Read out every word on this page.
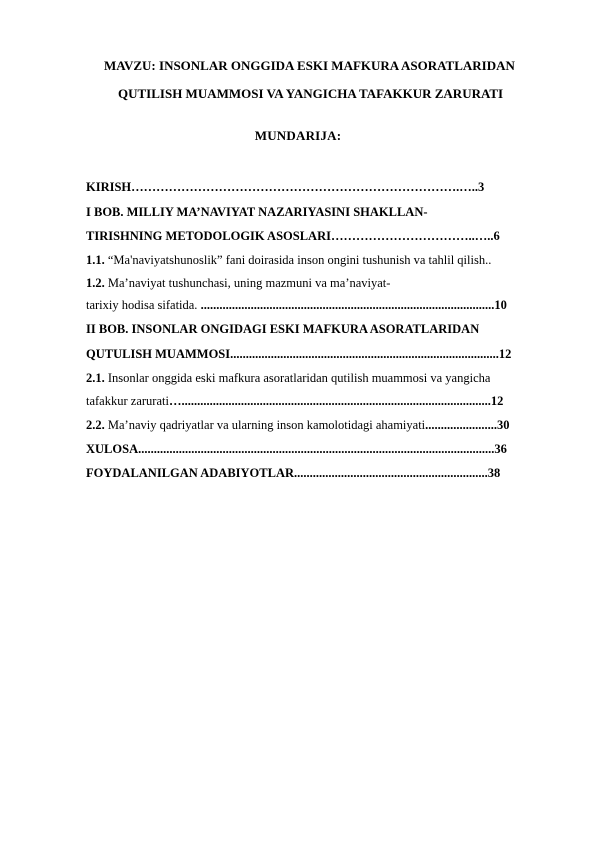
MAVZU: INSONLAR ONGGIDA ESKI MAFKURA ASORATLARIDAN
QUTILISH MUAMMOSI VA YANGICHA TAFAKKUR ZARURATI
MUNDARIJA:
KIRISH…………………………………………………………………….…..3
I BOB. MILLIY MA’NAVIYAT NAZARIYASINI SHAKLLAN-
TIRISHNING METODOLOGIK ASOSLARI……………………………..…..6
1.1. “Ma'naviyatshunoslik” fani doirasida inson ongini tushunish va tahlil qilish..
1.2. Ma’naviyat tushunchasi, uning mazmuni va ma’naviyat-
tarixiy hodisa sifatida. ..............................................................................................10
II BOB. INSONLAR ONGIDAGI ESKI MAFKURA ASORATLARIDAN
QUTULISH MUAMMOSI......................................................................................12
2.1. Insonlar onggida eski mafkura asoratlaridan qutilish muammosi va yangicha
tafakkur zarurati…...................................................................................................12
2.2. Ma’naviy qadriyatlar va ularning inson kamolotidagi ahamiyati.......................30
XULOSA..................................................................................................................36
FOYDALANILGAN ADABIYOTLAR..............................................................38
